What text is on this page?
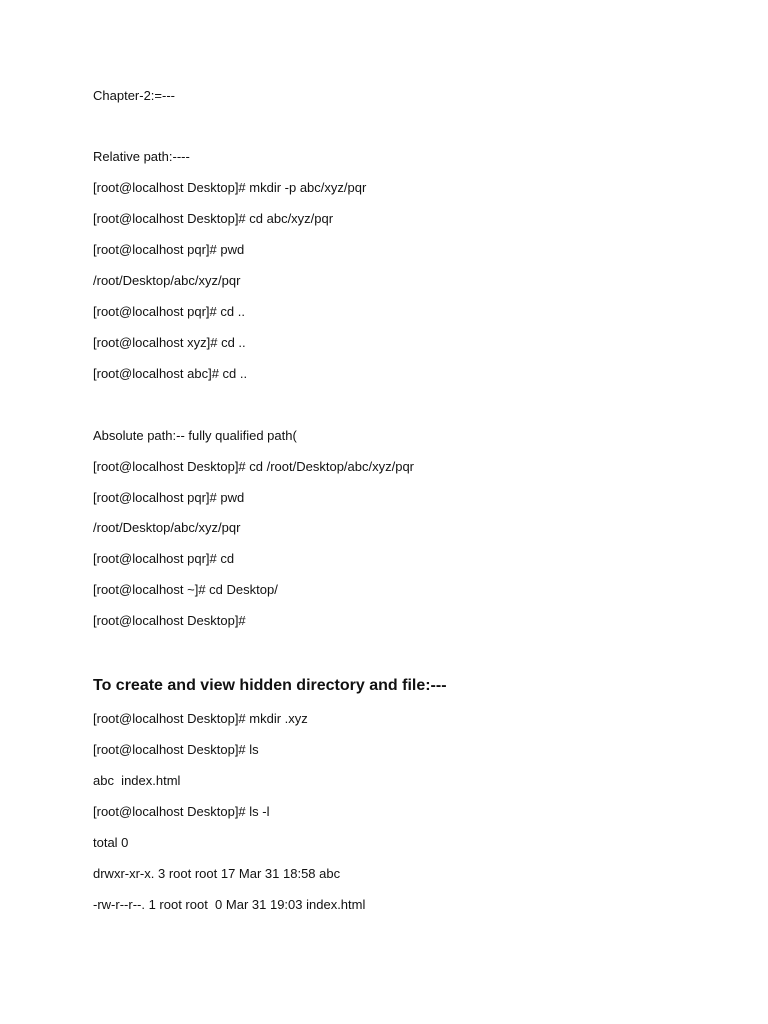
Chapter-2:=---
Relative path:----
[root@localhost Desktop]# mkdir -p abc/xyz/pqr
[root@localhost Desktop]# cd abc/xyz/pqr
[root@localhost pqr]# pwd
/root/Desktop/abc/xyz/pqr
[root@localhost pqr]# cd ..
[root@localhost xyz]# cd ..
[root@localhost abc]# cd ..
Absolute path:-- fully qualified path(
[root@localhost Desktop]# cd /root/Desktop/abc/xyz/pqr
[root@localhost pqr]# pwd
/root/Desktop/abc/xyz/pqr
[root@localhost pqr]# cd
[root@localhost ~]# cd Desktop/
[root@localhost Desktop]#
To create and view hidden directory and file:---
[root@localhost Desktop]# mkdir .xyz
[root@localhost Desktop]# ls
abc  index.html
[root@localhost Desktop]# ls -l
total 0
drwxr-xr-x. 3 root root 17 Mar 31 18:58 abc
-rw-r--r--. 1 root root  0 Mar 31 19:03 index.html
